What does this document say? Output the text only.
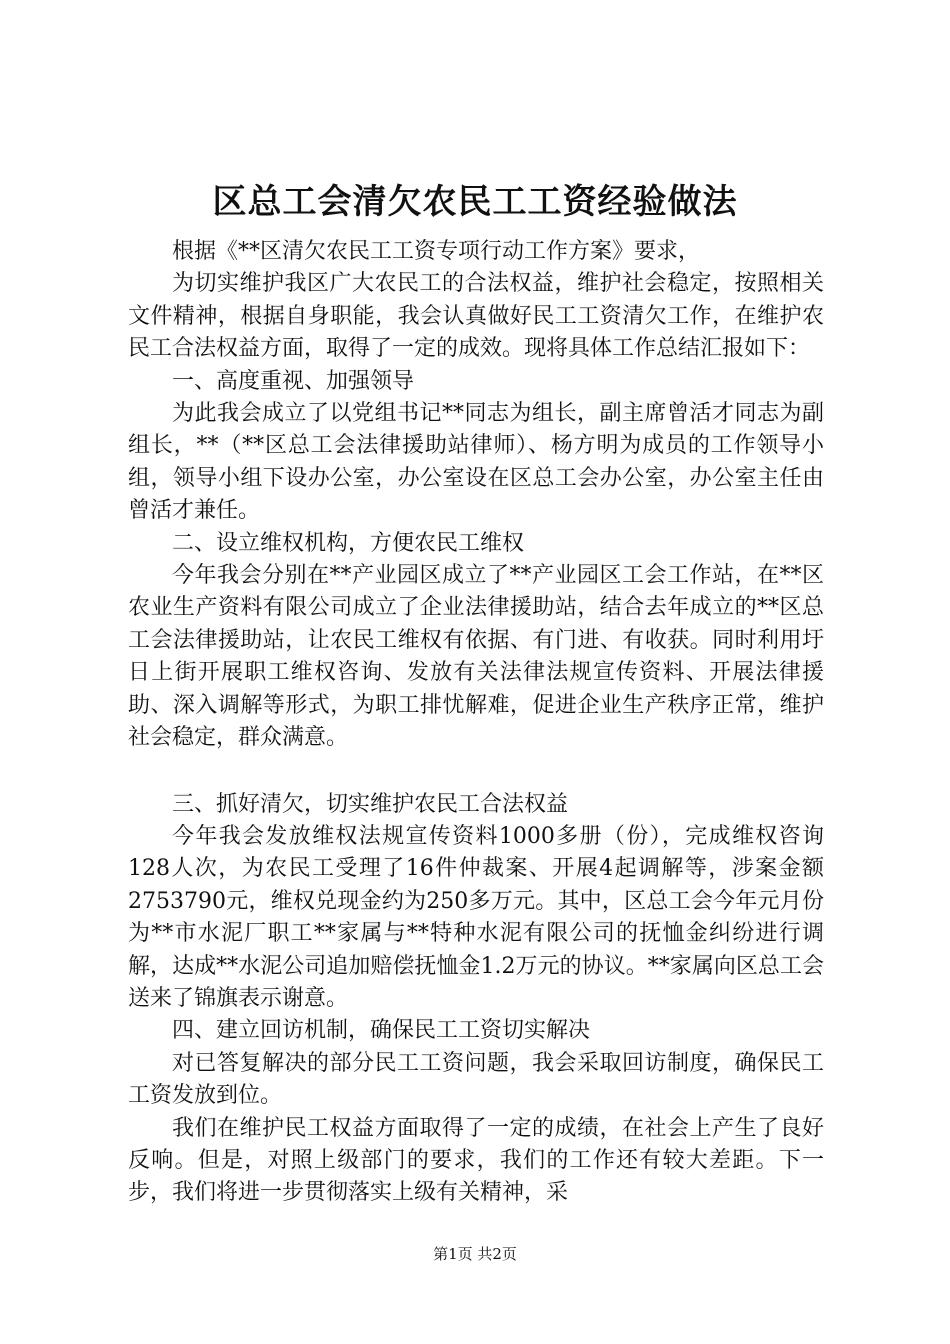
区总工会清欠农民工工资经验做法

根据《**区清欠农民工工资专项行动工作方案》要求，

为切实维护我区广大农民工的合法权益，维护社会稳定，按照相关文件精神，根据自身职能，我会认真做好民工工资清欠工作，在维护农民工合法权益方面，取得了一定的成效。现将具体工作总结汇报如下：

一、高度重视、加强领导

为此我会成立了以党组书记**同志为组长，副主席曾活才同志为副组长，**（**区总工会法律援助站律师）、杨方明为成员的工作领导小组，领导小组下设办公室，办公室设在区总工会办公室，办公室主任由曾活才兼任。

二、设立维权机构，方便农民工维权

今年我会分别在**产业园区成立了**产业园区工会工作站，在**区农业生产资料有限公司成立了企业法律援助站，结合去年成立的**区总工会法律援助站，让农民工维权有依据、有门进、有收获。同时利用圩日上街开展职工维权咨询、发放有关法律法规宣传资料、开展法律援助、深入调解等形式，为职工排忧解难，促进企业生产秩序正常，维护社会稳定，群众满意。

三、抓好清欠，切实维护农民工合法权益

今年我会发放维权法规宣传资料1000多册（份），完成维权咨询128人次，为农民工受理了16件仲裁案、开展4起调解等，涉案金额2753790元，维权兑现金约为250多万元。其中，区总工会今年元月份为**市水泥厂职工**家属与**特种水泥有限公司的抚恤金纠纷进行调解，达成**水泥公司追加赔偿抚恤金1.2万元的协议。**家属向区总工会送来了锦旗表示谢意。

四、建立回访机制，确保民工工资切实解决

对已答复解决的部分民工工资问题，我会采取回访制度，确保民工工资发放到位。

我们在维护民工权益方面取得了一定的成绩，在社会上产生了良好反响。但是，对照上级部门的要求，我们的工作还有较大差距。下一步，我们将进一步贯彻落实上级有关精神，采

第1页 共2页
